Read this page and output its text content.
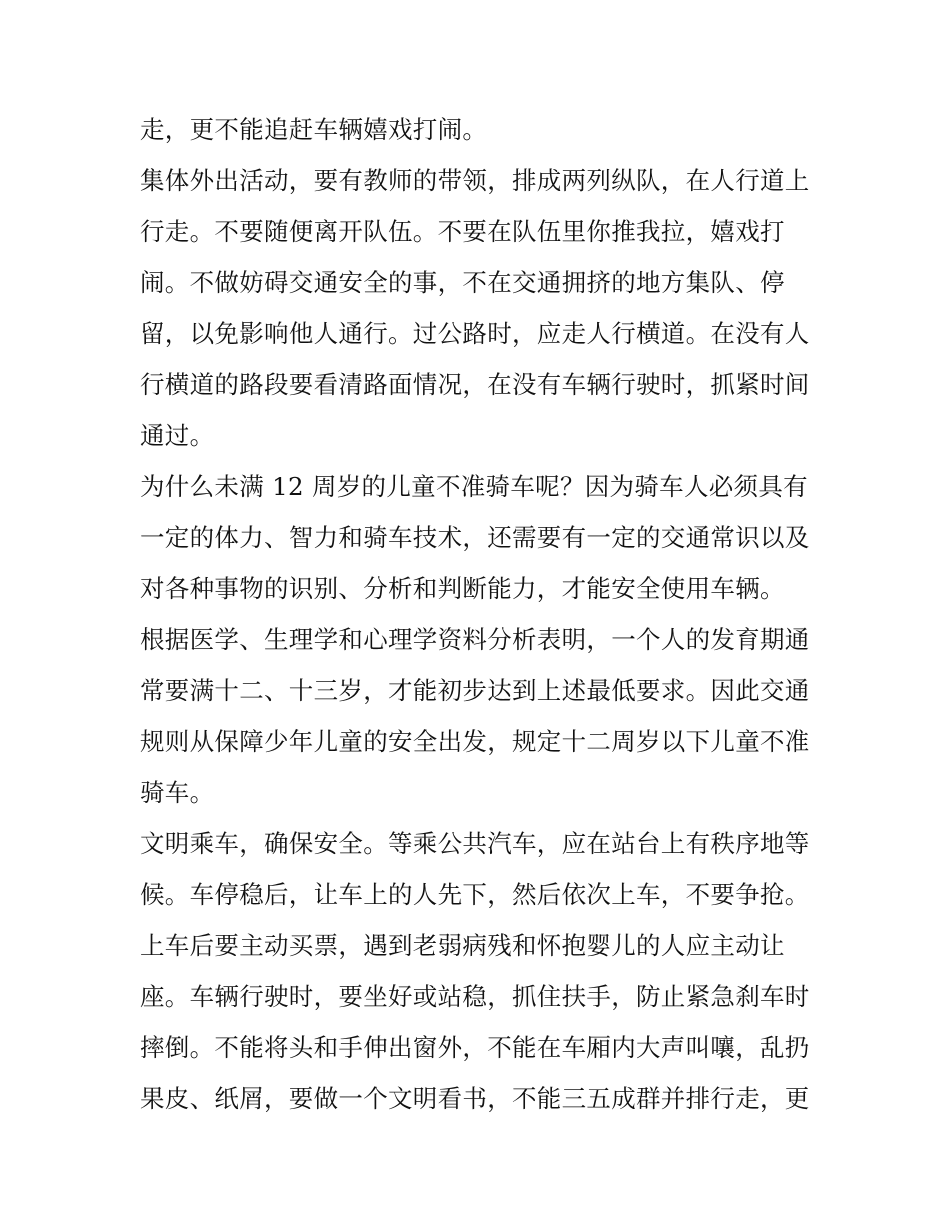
走，更不能追赶车辆嬉戏打闹。
集体外出活动，要有教师的带领，排成两列纵队，在人行道上
行走。不要随便离开队伍。不要在队伍里你推我拉，嬉戏打
闹。不做妨碍交通安全的事，不在交通拥挤的地方集队、停
留，以免影响他人通行。过公路时，应走人行横道。在没有人
行横道的路段要看清路面情况，在没有车辆行驶时，抓紧时间
通过。
为什么未满 12 周岁的儿童不准骑车呢？因为骑车人必须具有
一定的体力、智力和骑车技术，还需要有一定的交通常识以及
对各种事物的识别、分析和判断能力，才能安全使用车辆。
根据医学、生理学和心理学资料分析表明，一个人的发育期通
常要满十二、十三岁，才能初步达到上述最低要求。因此交通
规则从保障少年儿童的安全出发，规定十二周岁以下儿童不准
骑车。
文明乘车，确保安全。等乘公共汽车，应在站台上有秩序地等
候。车停稳后，让车上的人先下，然后依次上车，不要争抢。
上车后要主动买票，遇到老弱病残和怀抱婴儿的人应主动让
座。车辆行驶时，要坐好或站稳，抓住扶手，防止紧急刹车时
摔倒。不能将头和手伸出窗外，不能在车厢内大声叫嚷，乱扔
果皮、纸屑，要做一个文明看书，不能三五成群并排行走，更
